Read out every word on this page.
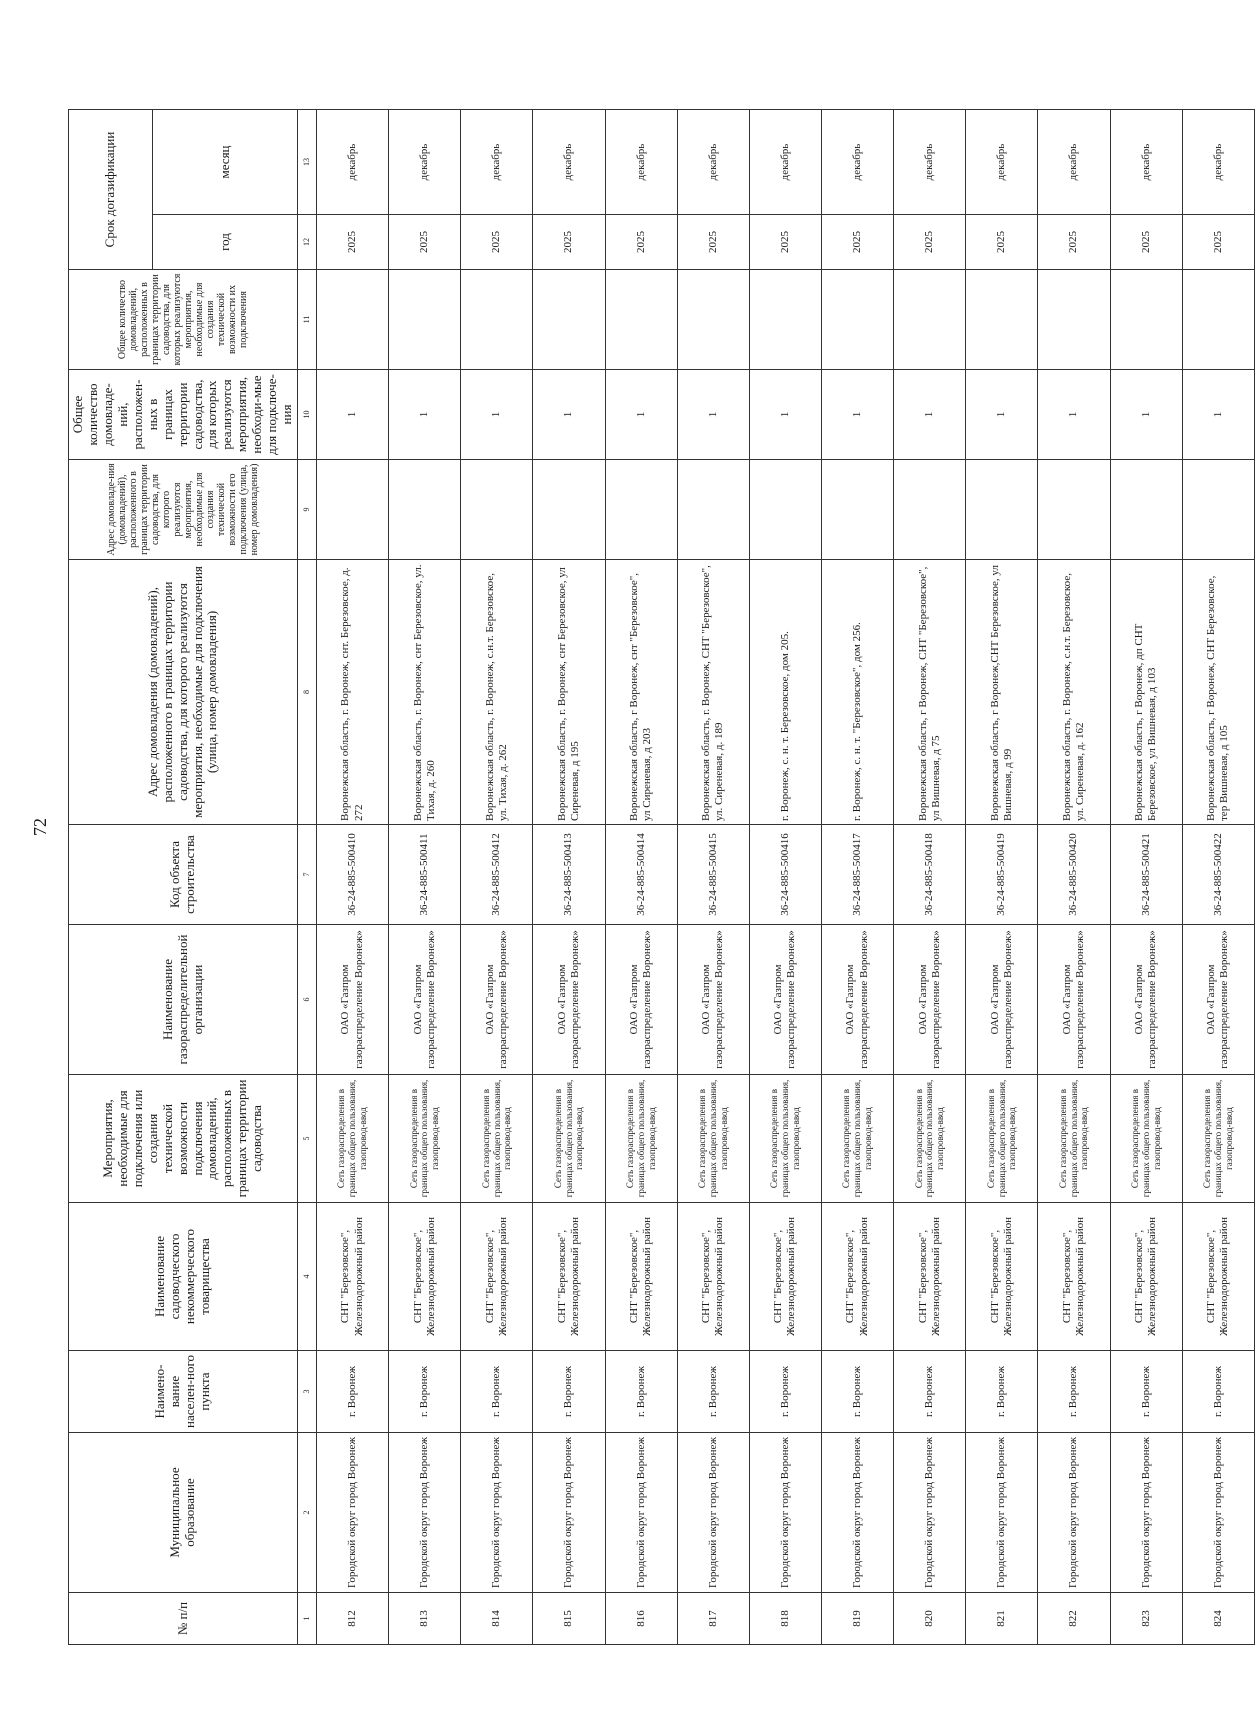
72
№ п/п	Муниципальное образование	Наимено-вание населен-ного пункта	Наименование садоводческого некоммерческого товарищества	Мероприятия, необходимые для подключения или создания технической возможности подключения домовладений, расположенных в границах территории садоводства	Наименование газораспределительной организации	Код объекта строительства	Адрес домовладения (домовладений), расположенного в границах территории садоводства, для которого реализуются мероприятия, необходимые для подключения (улица, номер домовладения)	Адрес домовладе-ния (домовладений), расположенного в границах территории садоводства, для которого реализуются мероприятия, необходимые для создания технической возможности его подключения (улица, номер домовладения)	Общее количество домовладе-ний, расположен-ных в границах территории садоводства, для которых реализуются мероприятия, необходи-мые для подключе-ния	Общее количество домовладений, расположенных в границах территории садоводства, для которых реализуются мероприятия, необходимые для создания технической возможности их подключения	Срок догазификации	
											год	месяц
1	2	3	4	5	6	7	8	9	10	11	12	13
812	Городской округ город Воронеж	г. Воронеж	СНТ "Березовское", Железнодорожный район	Сеть газораспределения в границах общего пользования, газопровод-ввод	ОАО «Газпром газораспределение Воронеж»	36-24-885-500410	Воронежская область, г. Воронеж, снт. Березовское, д. 272		1		2025	декабрь
813	Городской округ город Воронеж	г. Воронеж	СНТ "Березовское", Железнодорожный район	Сеть газораспределения в границах общего пользования, газопровод-ввод	ОАО «Газпром газораспределение Воронеж»	36-24-885-500411	Воронежская область, г. Воронеж, снт Березовское, ул. Тихая, д. 260		1		2025	декабрь
814	Городской округ город Воронеж	г. Воронеж	СНТ "Березовское", Железнодорожный район	Сеть газораспределения в границах общего пользования, газопровод-ввод	ОАО «Газпром газораспределение Воронеж»	36-24-885-500412	Воронежская область, г. Воронеж, с.н.т. Березовское, ул. Тихая, д. 262		1		2025	декабрь
815	Городской округ город Воронеж	г. Воронеж	СНТ "Березовское", Железнодорожный район	Сеть газораспределения в границах общего пользования, газопровод-ввод	ОАО «Газпром газораспределение Воронеж»	36-24-885-500413	Воронежская область, г. Воронеж, снт Березовское, ул Сиреневая, д 195		1		2025	декабрь
816	Городской округ город Воронеж	г. Воронеж	СНТ "Березовское", Железнодорожный район	Сеть газораспределения в границах общего пользования, газопровод-ввод	ОАО «Газпром газораспределение Воронеж»	36-24-885-500414	Воронежская область, г Воронеж, снт "Березовское", ул Сиреневая, д 203		1		2025	декабрь
817	Городской округ город Воронеж	г. Воронеж	СНТ "Березовское", Железнодорожный район	Сеть газораспределения в границах общего пользования, газопровод-ввод	ОАО «Газпром газораспределение Воронеж»	36-24-885-500415	Воронежская область, г. Воронеж, СНТ "Березовское", ул. Сиреневая, д. 189		1		2025	декабрь
818	Городской округ город Воронеж	г. Воронеж	СНТ "Березовское", Железнодорожный район	Сеть газораспределения в границах общего пользования, газопровод-ввод	ОАО «Газпром газораспределение Воронеж»	36-24-885-500416	г. Воронеж, с. н. т. Березовское, дом 205.		1		2025	декабрь
819	Городской округ город Воронеж	г. Воронеж	СНТ "Березовское", Железнодорожный район	Сеть газораспределения в границах общего пользования, газопровод-ввод	ОАО «Газпром газораспределение Воронеж»	36-24-885-500417	г. Воронеж, с. н. т. "Березовское", дом 256.		1		2025	декабрь
820	Городской округ город Воронеж	г. Воронеж	СНТ "Березовское", Железнодорожный район	Сеть газораспределения в границах общего пользования, газопровод-ввод	ОАО «Газпром газораспределение Воронеж»	36-24-885-500418	Воронежская область, г Воронеж, СНТ "Березовское", ул Вишневая, д 75		1		2025	декабрь
821	Городской округ город Воронеж	г. Воронеж	СНТ "Березовское", Железнодорожный район	Сеть газораспределения в границах общего пользования, газопровод-ввод	ОАО «Газпром газораспределение Воронеж»	36-24-885-500419	Воронежская область, г Воронеж,СНТ Березовское, ул Вишневая, д 99		1		2025	декабрь
822	Городской округ город Воронеж	г. Воронеж	СНТ "Березовское", Железнодорожный район	Сеть газораспределения в границах общего пользования, газопровод-ввод	ОАО «Газпром газораспределение Воронеж»	36-24-885-500420	Воронежская область, г. Воронеж, с.н.т. Березовское, ул. Сиреневая, д. 162		1		2025	декабрь
823	Городской округ город Воронеж	г. Воронеж	СНТ "Березовское", Железнодорожный район	Сеть газораспределения в границах общего пользования, газопровод-ввод	ОАО «Газпром газораспределение Воронеж»	36-24-885-500421	Воронежская область, г Воронеж, дп СНТ Березовское, ул Вишневая, д 103		1		2025	декабрь
824	Городской округ город Воронеж	г. Воронеж	СНТ "Березовское", Железнодорожный район	Сеть газораспределения в границах общего пользования, газопровод-ввод	ОАО «Газпром газораспределение Воронеж»	36-24-885-500422	Воронежская область, г Воронеж, СНТ Березовское, тер Вишневая, д 105		1		2025	декабрь
